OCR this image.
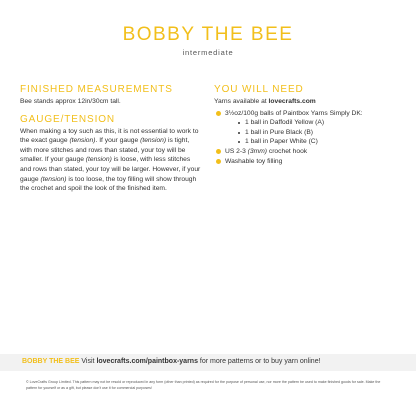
BOBBY THE BEE
intermediate
FINISHED MEASUREMENTS

Bee stands approx 12in/30cm tall.

GAUGE/TENSION

When making a toy such as this, it is not essential to work to the exact gauge (tension). If your gauge (tension) is tight, with more stitches and rows than stated, your toy will be smaller. If your gauge (tension) is loose, with less stitches and rows than stated, your toy will be larger. However, if your gauge (tension) is too loose, the toy filling will show through the crochet and spoil the look of the finished item.

YOU WILL NEED

Yarns available at lovecrafts.com

3½oz/100g balls of Paintbox Yarns Simply DK:
1 ball in Daffodil Yellow (A)
1 ball in Pure Black (B)
1 ball in Paper White (C)
US 2-3 (3mm) crochet hook
Washable toy filling
BOBBY THE BEE Visit lovecrafts.com/paintbox-yarns for more patterns or to buy yarn online!
© LoveCrafts Group Limited. This pattern may not be resold or reproduced in any form (other than printed) as required for the purpose of personal use, nor more the pattern be used to make finished goods for sale. Make the pattern for yourself or as a gift, but please don't use it for commercial purposes!
